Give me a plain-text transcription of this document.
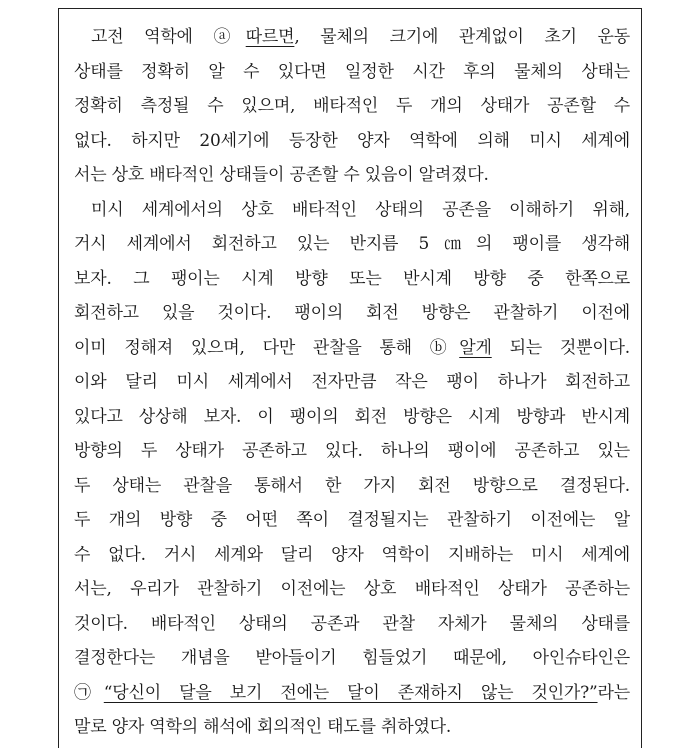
고전 역학에 ⓐ따르면, 물체의 크기에 관계없이 초기 운동
상태를 정확히 알 수 있다면 일정한 시간 후의 물체의 상태는
정확히 측정될 수 있으며, 배타적인 두 개의 상태가 공존할 수
없다. 하지만 20세기에 등장한 양자 역학에 의해 미시 세계에
서는 상호 배타적인 상태들이 공존할 수 있음이 알려졌다.
미시 세계에서의 상호 배타적인 상태의 공존을 이해하기 위해,
거시 세계에서 회전하고 있는 반지름 5㎝의 팽이를 생각해
보자. 그 팽이는 시계 방향 또는 반시계 방향 중 한쪽으로
회전하고 있을 것이다. 팽이의 회전 방향은 관찰하기 이전에
이미 정해져 있으며, 다만 관찰을 통해 ⓑ알게 되는 것뿐이다.
이와 달리 미시 세계에서 전자만큼 작은 팽이 하나가 회전하고
있다고 상상해 보자. 이 팽이의 회전 방향은 시계 방향과 반시계
방향의 두 상태가 공존하고 있다. 하나의 팽이에 공존하고 있는
두 상태는 관찰을 통해서 한 가지 회전 방향으로 결정된다.
두 개의 방향 중 어떤 쪽이 결정될지는 관찰하기 이전에는 알
수 없다. 거시 세계와 달리 양자 역학이 지배하는 미시 세계에
서는, 우리가 관찰하기 이전에는 상호 배타적인 상태가 공존하는
것이다. 배타적인 상태의 공존과 관찰 자체가 물체의 상태를
결정한다는 개념을 받아들이기 힘들었기 때문에, 아인슈타인은
㉠“당신이 달을 보기 전에는 달이 존재하지 않는 것인가?”라는
말로 양자 역학의 해석에 회의적인 태도를 취하였다.
